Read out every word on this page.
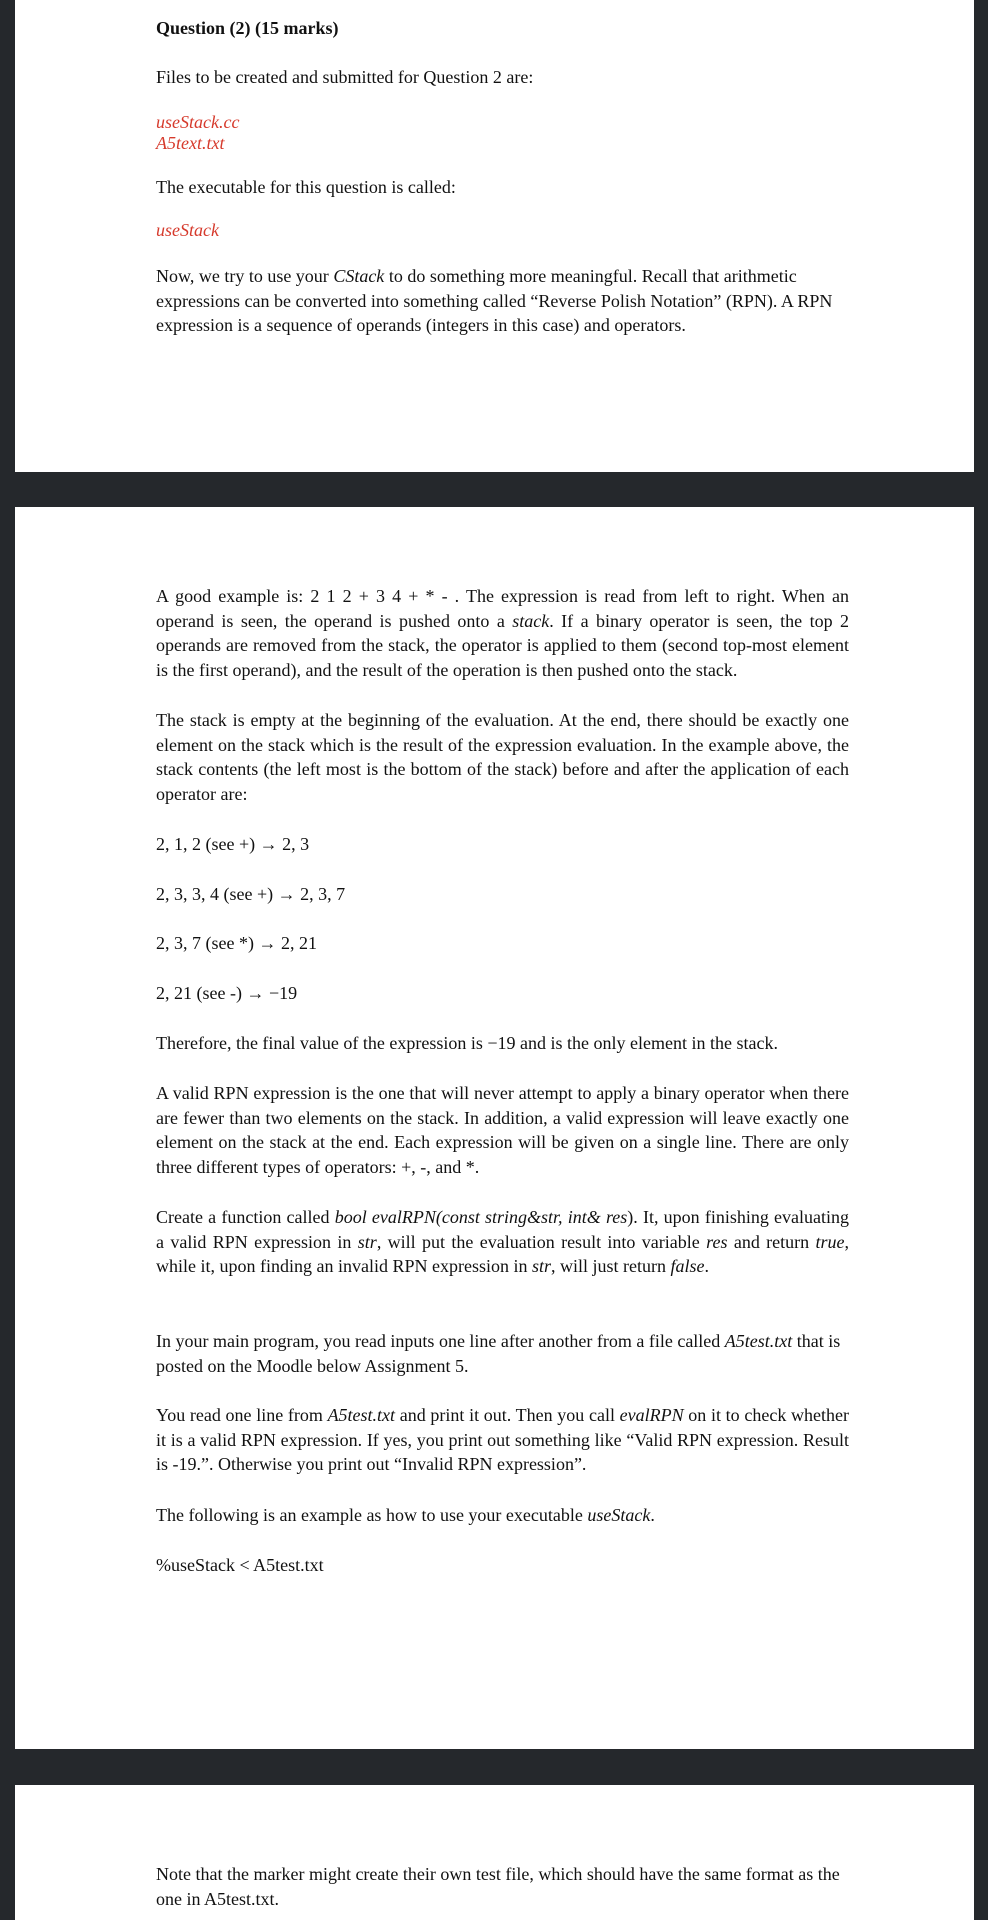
Question (2) (15 marks)

Files to be created and submitted for Question 2 are:

useStack.cc

A5text.txt

The executable for this question is called:

useStack

Now, we try to use your CStack to do something more meaningful. Recall that arithmetic expressions can be converted into something called “Reverse Polish Notation” (RPN). A RPN expression is a sequence of operands (integers in this case) and operators.

A good example is: 2 1 2 + 3 4 + * - . The expression is read from left to right. When an operand is seen, the operand is pushed onto a stack. If a binary operator is seen, the top 2 operands are removed from the stack, the operator is applied to them (second top-most element is the first operand), and the result of the operation is then pushed onto the stack.

The stack is empty at the beginning of the evaluation. At the end, there should be exactly one element on the stack which is the result of the expression evaluation. In the example above, the stack contents (the left most is the bottom of the stack) before and after the application of each operator are:

2, 1, 2 (see +) → 2, 3

2, 3, 3, 4 (see +) → 2, 3, 7

2, 3, 7 (see *) → 2, 21

2, 21 (see -) → −19

Therefore, the final value of the expression is −19 and is the only element in the stack.

A valid RPN expression is the one that will never attempt to apply a binary operator when there are fewer than two elements on the stack. In addition, a valid expression will leave exactly one element on the stack at the end. Each expression will be given on a single line. There are only three different types of operators: +, -, and *.

Create a function called bool evalRPN(const string&str, int& res). It, upon finishing evaluating a valid RPN expression in str, will put the evaluation result into variable res and return true, while it, upon finding an invalid RPN expression in str, will just return false.

In your main program, you read inputs one line after another from a file called A5test.txt that is posted on the Moodle below Assignment 5.

You read one line from A5test.txt and print it out. Then you call evalRPN on it to check whether it is a valid RPN expression. If yes, you print out something like “Valid RPN expression. Result is -19.”. Otherwise you print out “Invalid RPN expression”.

The following is an example as how to use your executable useStack.

%useStack < A5test.txt

Note that the marker might create their own test file, which should have the same format as the one in A5test.txt.
